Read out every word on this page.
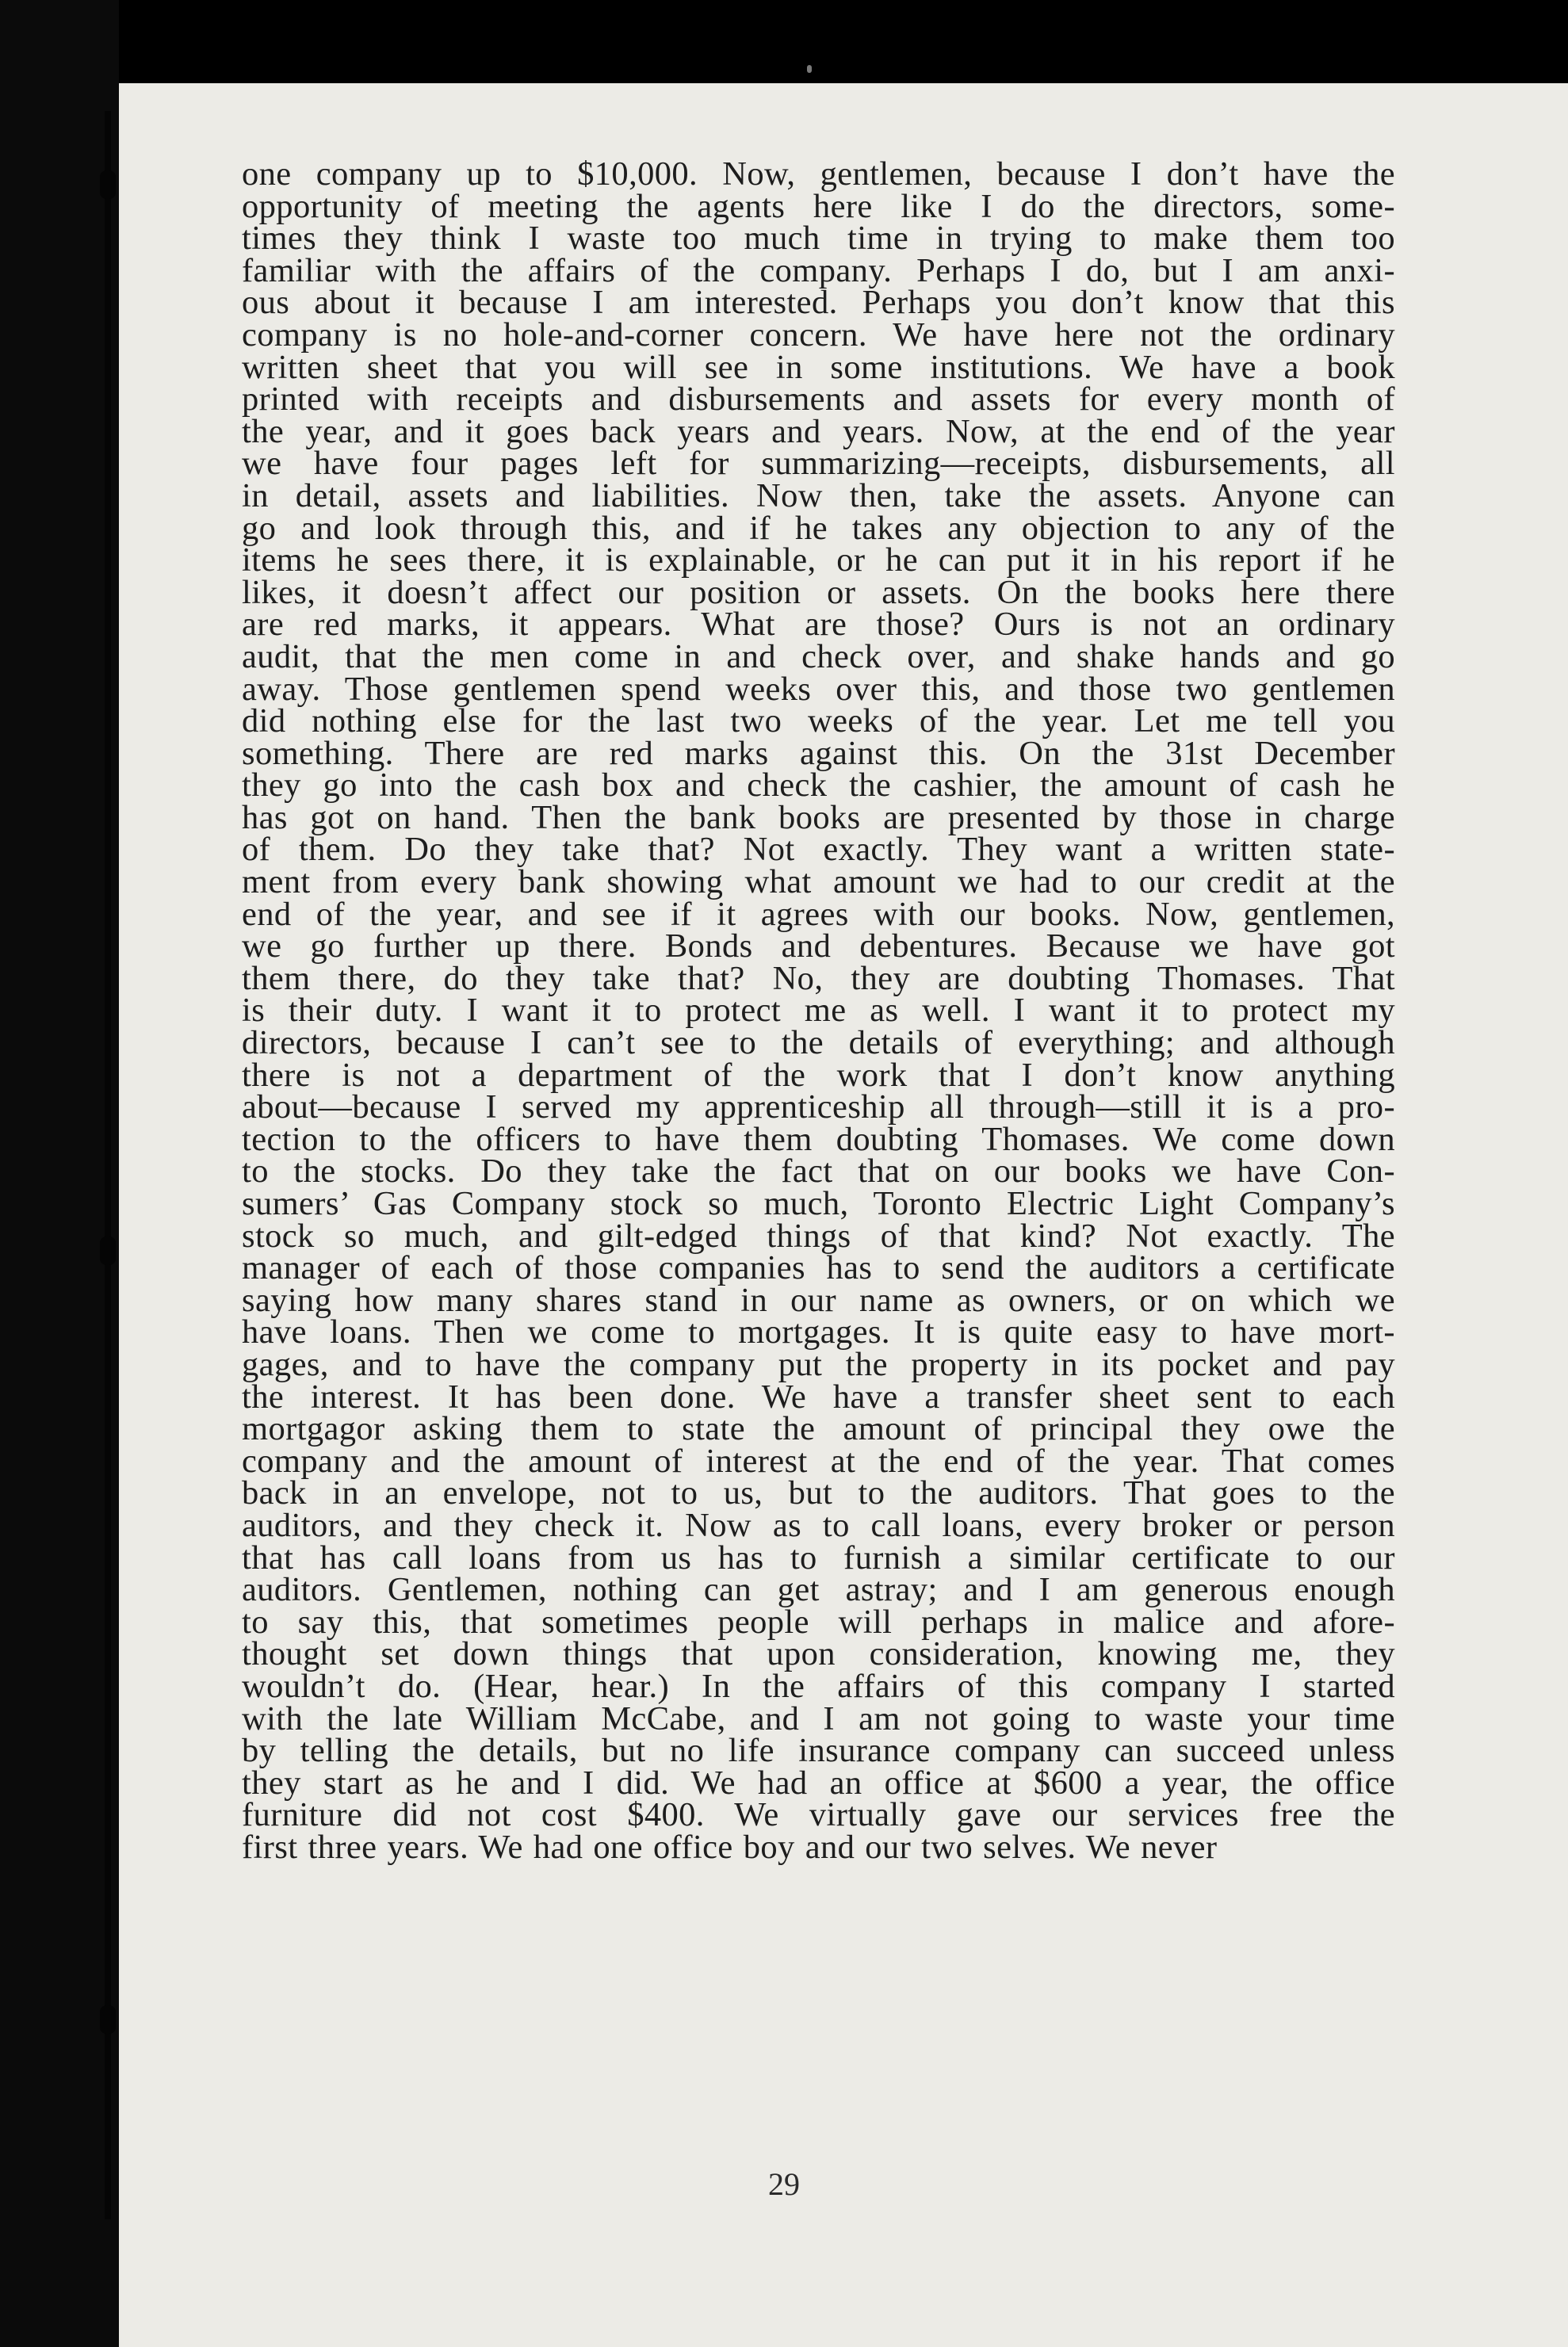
one company up to $10,000. Now, gentlemen, because I don’t have the
opportunity of meeting the agents here like I do the directors, some-
times they think I waste too much time in trying to make them too
familiar with the affairs of the company. Perhaps I do, but I am anxi-
ous about it because I am interested. Perhaps you don’t know that this
company is no hole-and-corner concern. We have here not the ordinary
written sheet that you will see in some institutions. We have a book
printed with receipts and disbursements and assets for every month of
the year, and it goes back years and years. Now, at the end of the year
we have four pages left for summarizing—receipts, disbursements, all
in detail, assets and liabilities. Now then, take the assets. Anyone can
go and look through this, and if he takes any objection to any of the
items he sees there, it is explainable, or he can put it in his report if he
likes, it doesn’t affect our position or assets. On the books here there
are red marks, it appears. What are those? Ours is not an ordinary
audit, that the men come in and check over, and shake hands and go
away. Those gentlemen spend weeks over this, and those two gentlemen
did nothing else for the last two weeks of the year. Let me tell you
something. There are red marks against this. On the 31st December
they go into the cash box and check the cashier, the amount of cash he
has got on hand. Then the bank books are presented by those in charge
of them. Do they take that? Not exactly. They want a written state-
ment from every bank showing what amount we had to our credit at the
end of the year, and see if it agrees with our books. Now, gentlemen,
we go further up there. Bonds and debentures. Because we have got
them there, do they take that? No, they are doubting Thomases. That
is their duty. I want it to protect me as well. I want it to protect my
directors, because I can’t see to the details of everything; and although
there is not a department of the work that I don’t know anything
about—because I served my apprenticeship all through—still it is a pro-
tection to the officers to have them doubting Thomases. We come down
to the stocks. Do they take the fact that on our books we have Con-
sumers’ Gas Company stock so much, Toronto Electric Light Company’s
stock so much, and gilt-edged things of that kind? Not exactly. The
manager of each of those companies has to send the auditors a certificate
saying how many shares stand in our name as owners, or on which we
have loans. Then we come to mortgages. It is quite easy to have mort-
gages, and to have the company put the property in its pocket and pay
the interest. It has been done. We have a transfer sheet sent to each
mortgagor asking them to state the amount of principal they owe the
company and the amount of interest at the end of the year. That comes
back in an envelope, not to us, but to the auditors. That goes to the
auditors, and they check it. Now as to call loans, every broker or person
that has call loans from us has to furnish a similar certificate to our
auditors. Gentlemen, nothing can get astray; and I am generous enough
to say this, that sometimes people will perhaps in malice and afore-
thought set down things that upon consideration, knowing me, they
wouldn’t do. (Hear, hear.) In the affairs of this company I started
with the late William McCabe, and I am not going to waste your time
by telling the details, but no life insurance company can succeed unless
they start as he and I did. We had an office at $600 a year, the office
furniture did not cost $400. We virtually gave our services free the
first three years. We had one office boy and our two selves. We never
29
